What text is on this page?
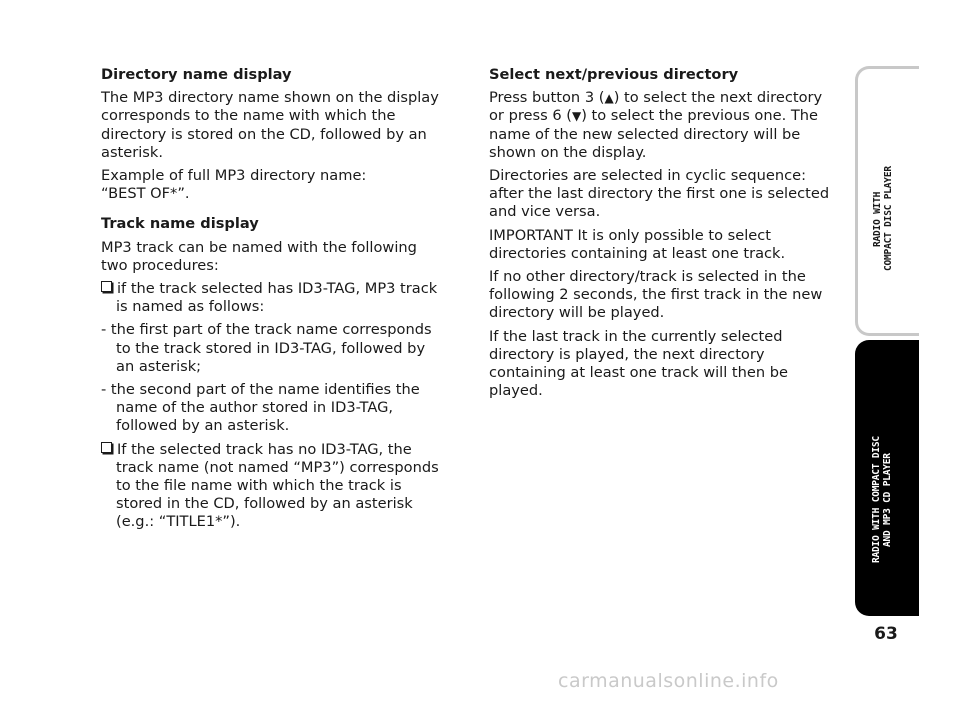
Directory name display

The MP3 directory name shown on the display corresponds to the name with which the directory is stored on the CD, followed by an asterisk.

Example of full MP3 directory name:
“BEST OF*”.

Track name display

MP3 track can be named with the following two procedures:

if the track selected has ID3-TAG, MP3 track is named as follows:

- the first part of the track name corresponds to the track stored in ID3-TAG, followed by an asterisk;

- the second part of the name identifies the name of the author stored in ID3-TAG, followed by an asterisk.

If the selected track has no ID3-TAG, the track name (not named “MP3”) corresponds to the file name with which the track is stored in the CD, followed by an asterisk (e.g.: “TITLE1*”).

Select next/previous directory

Press button 3 (▲) to select the next directory or press 6 (▼) to select the previous one. The name of the new selected directory will be shown on the display.

Directories are selected in cyclic sequence: after the last directory the first one is selected and vice versa.

IMPORTANT It is only possible to select directories containing at least one track.

If no other directory/track is selected in the following 2 seconds, the first track in the new directory will be played.

If the last track in the currently selected directory is played, the next directory containing at least one track will then be played.

RADIO WITH
COMPACT DISC PLAYER
RADIO WITH COMPACT DISC
AND MP3 CD PLAYER
63
carmanualsonline.info
